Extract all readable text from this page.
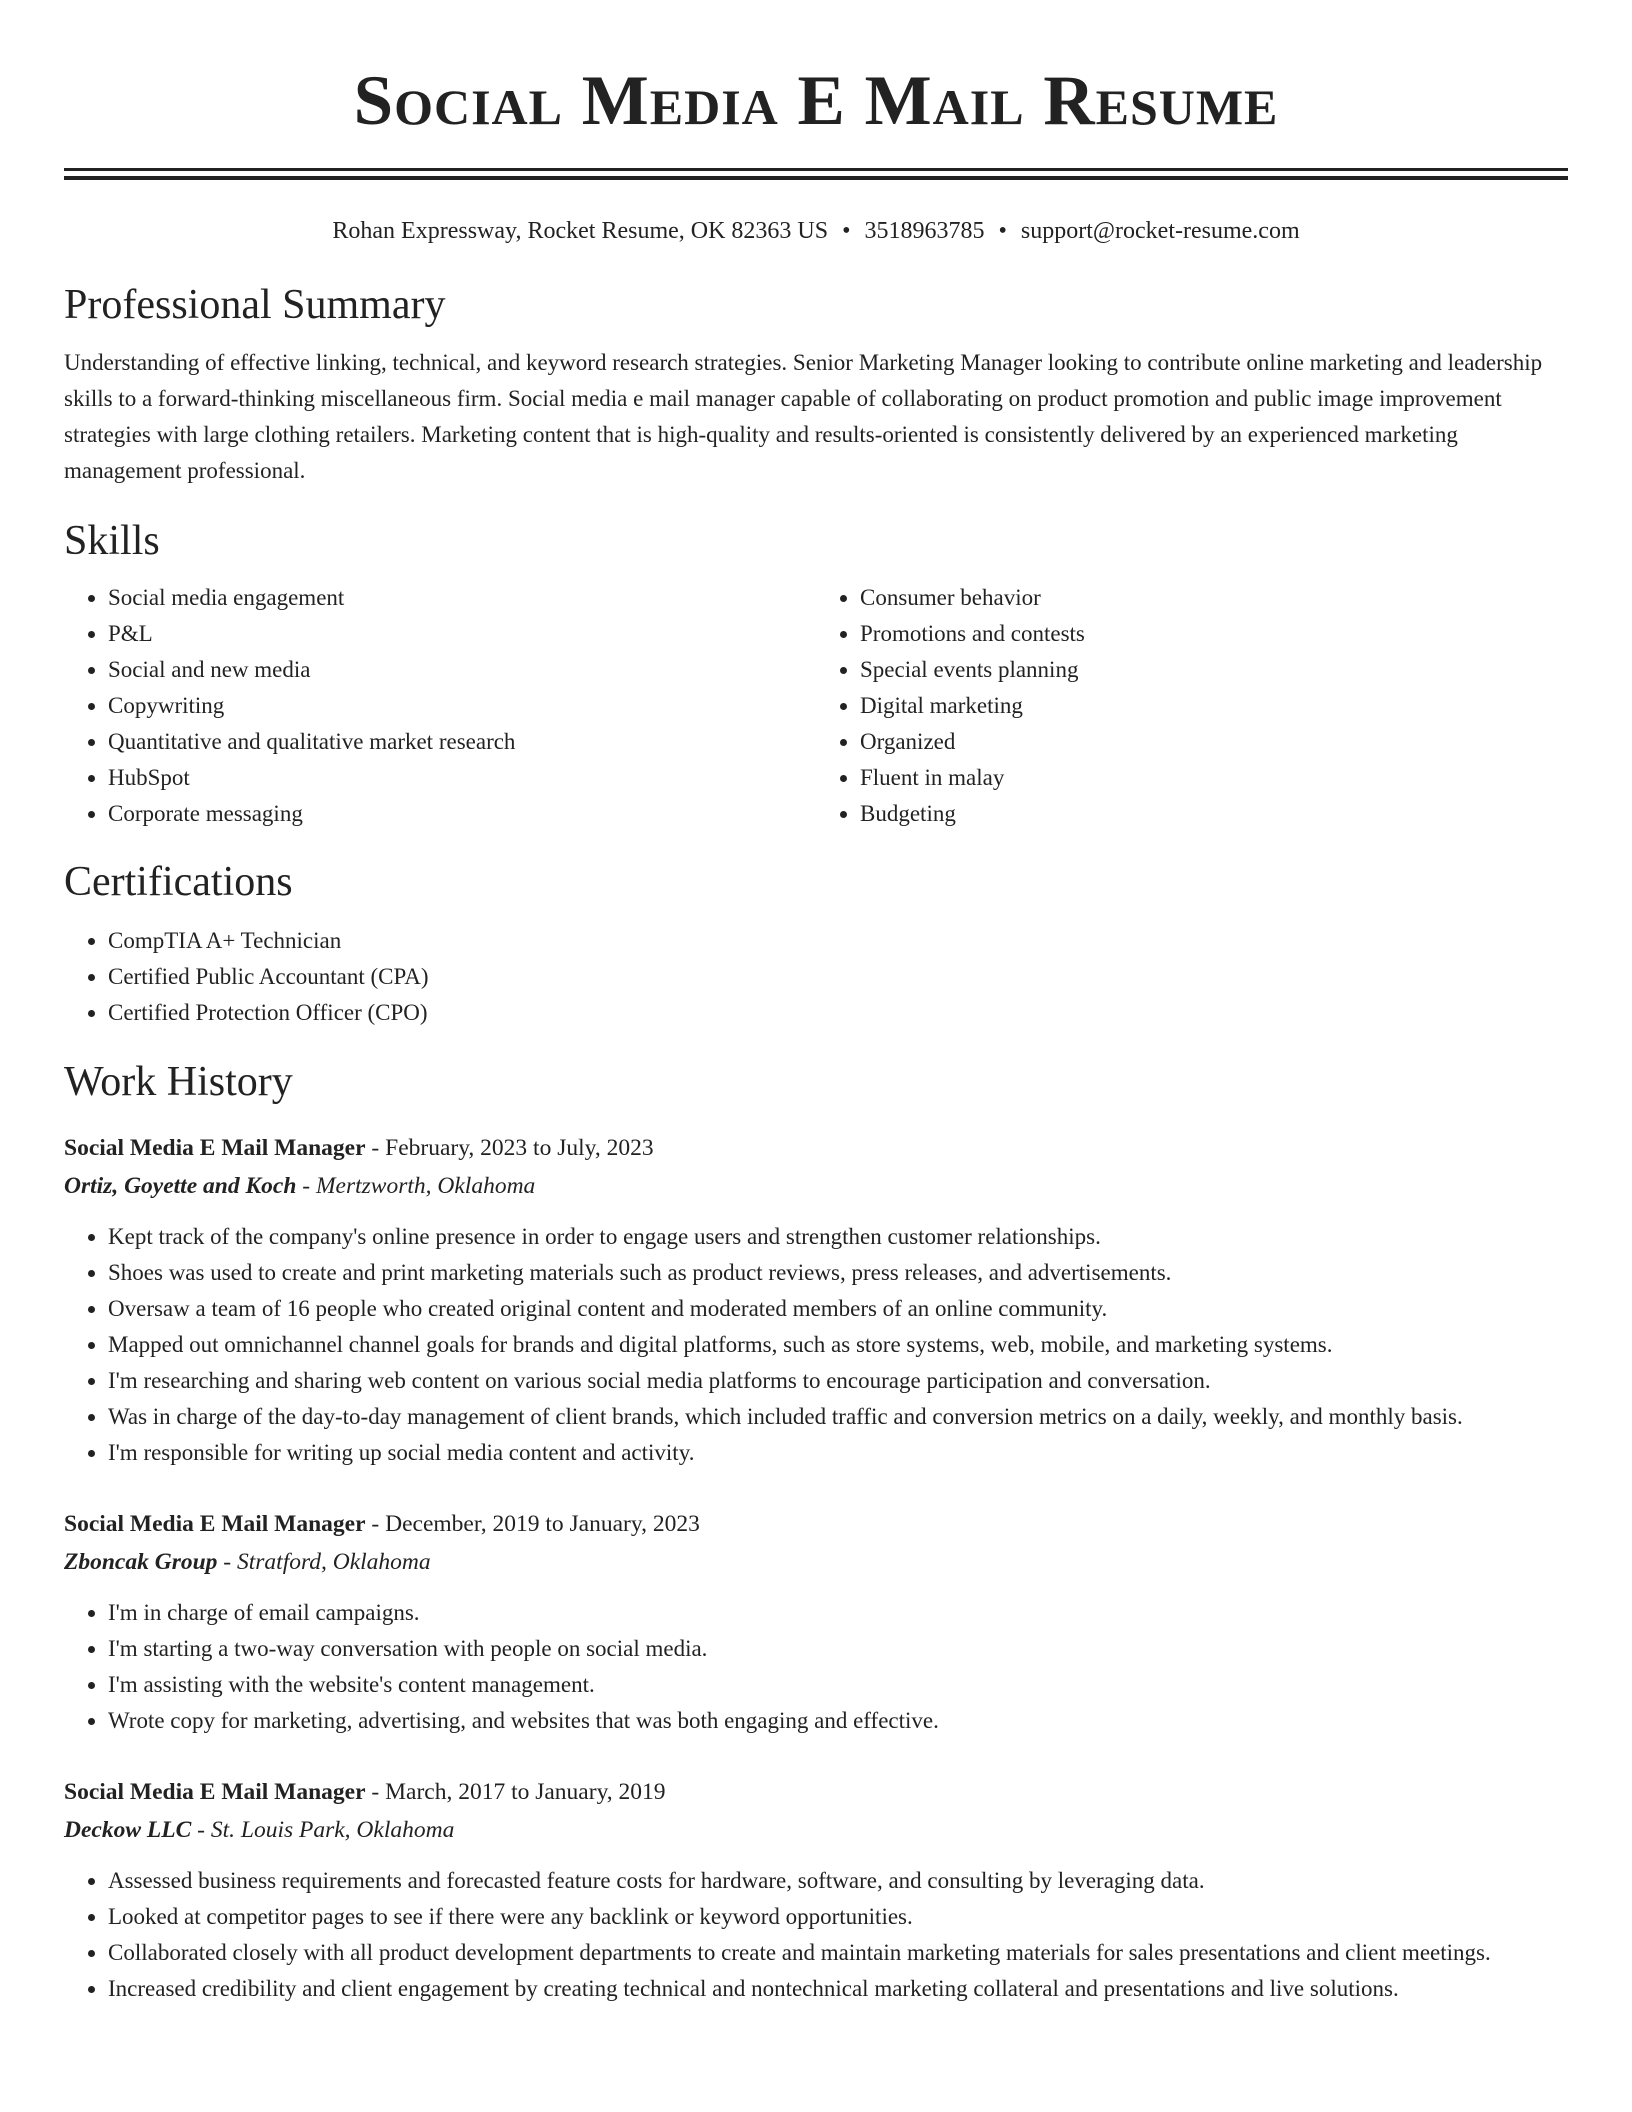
Social Media E Mail Resume
Rohan Expressway, Rocket Resume, OK 82363 US • 3518963785 • support@rocket-resume.com
Professional Summary
Understanding of effective linking, technical, and keyword research strategies. Senior Marketing Manager looking to contribute online marketing and leadership skills to a forward-thinking miscellaneous firm. Social media e mail manager capable of collaborating on product promotion and public image improvement strategies with large clothing retailers. Marketing content that is high-quality and results-oriented is consistently delivered by an experienced marketing management professional.
Skills
• Social media engagement
• P&L
• Social and new media
• Copywriting
• Quantitative and qualitative market research
• HubSpot
• Corporate messaging
• Consumer behavior
• Promotions and contests
• Special events planning
• Digital marketing
• Organized
• Fluent in malay
• Budgeting
Certifications
• CompTIA A+ Technician
• Certified Public Accountant (CPA)
• Certified Protection Officer (CPO)
Work History
Social Media E Mail Manager - February, 2023 to July, 2023
Ortiz, Goyette and Koch - Mertzworth, Oklahoma
• Kept track of the company's online presence in order to engage users and strengthen customer relationships.
• Shoes was used to create and print marketing materials such as product reviews, press releases, and advertisements.
• Oversaw a team of 16 people who created original content and moderated members of an online community.
• Mapped out omnichannel channel goals for brands and digital platforms, such as store systems, web, mobile, and marketing systems.
• I'm researching and sharing web content on various social media platforms to encourage participation and conversation.
• Was in charge of the day-to-day management of client brands, which included traffic and conversion metrics on a daily, weekly, and monthly basis.
• I'm responsible for writing up social media content and activity.
Social Media E Mail Manager - December, 2019 to January, 2023
Zboncak Group - Stratford, Oklahoma
• I'm in charge of email campaigns.
• I'm starting a two-way conversation with people on social media.
• I'm assisting with the website's content management.
• Wrote copy for marketing, advertising, and websites that was both engaging and effective.
Social Media E Mail Manager - March, 2017 to January, 2019
Deckow LLC - St. Louis Park, Oklahoma
• Assessed business requirements and forecasted feature costs for hardware, software, and consulting by leveraging data.
• Looked at competitor pages to see if there were any backlink or keyword opportunities.
• Collaborated closely with all product development departments to create and maintain marketing materials for sales presentations and client meetings.
• Increased credibility and client engagement by creating technical and nontechnical marketing collateral and presentations and live solutions.
